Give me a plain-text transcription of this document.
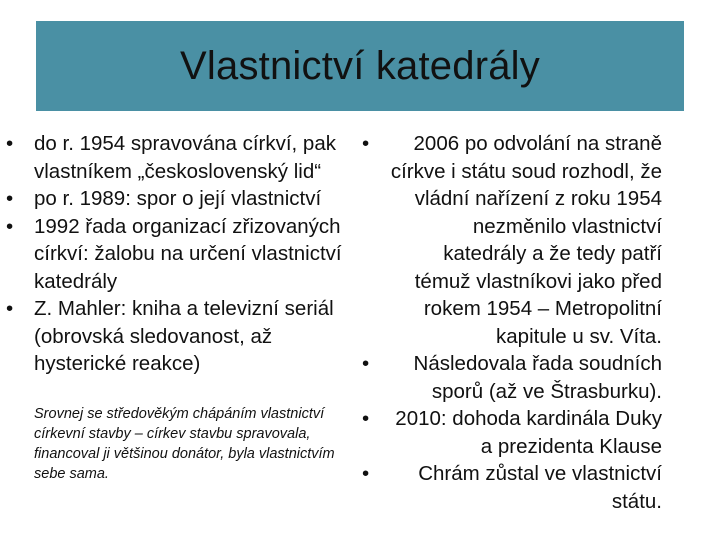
Vlastnictví katedrály
•	do r. 1954 spravována církví, pak vlastníkem „československý lid“
•	po r. 1989: spor o její vlastnictví
•	1992 řada organizací zřizovaných církví: žalobu na určení vlastnictví katedrály
•	Z. Mahler: kniha a televizní seriál (obrovská sledovanost, až hysterické reakce)
Srovnej se středověkým chápáním vlastnictví církevní stavby – církev stavbu spravovala, financoval ji většinou donátor, byla vlastnictvím sebe sama.
•	2006 po odvolání na straně církve i státu soud rozhodl, že vládní nařízení z roku 1954 nezměnilo vlastnictví katedrály a že tedy patří témuž vlastníkovi jako před rokem 1954 – Metropolitní kapitule u sv. Víta.
•	Následovala řada soudních sporů (až ve Štrasburku).
•	2010: dohoda kardinála Duky a prezidenta Klause
•	Chrám zůstal ve vlastnictví státu.
